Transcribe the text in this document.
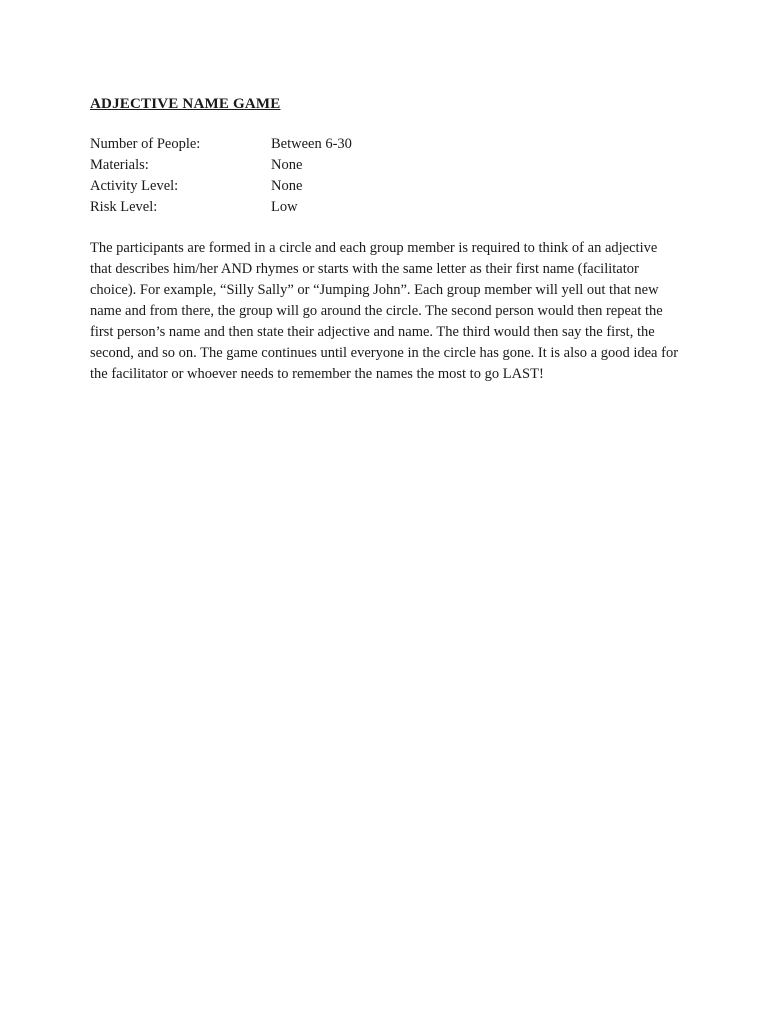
ADJECTIVE NAME GAME
Number of People:	Between 6-30
Materials:	None
Activity Level:	None
Risk Level:	Low

The participants are formed in a circle and each group member is required to think of an adjective that describes him/her AND rhymes or starts with the same letter as their first name (facilitator choice). For example, “Silly Sally” or “Jumping John”. Each group member will yell out that new name and from there, the group will go around the circle. The second person would then repeat the first person’s name and then state their adjective and name. The third would then say the first, the second, and so on. The game continues until everyone in the circle has gone. It is also a good idea for the facilitator or whoever needs to remember the names the most to go LAST!
